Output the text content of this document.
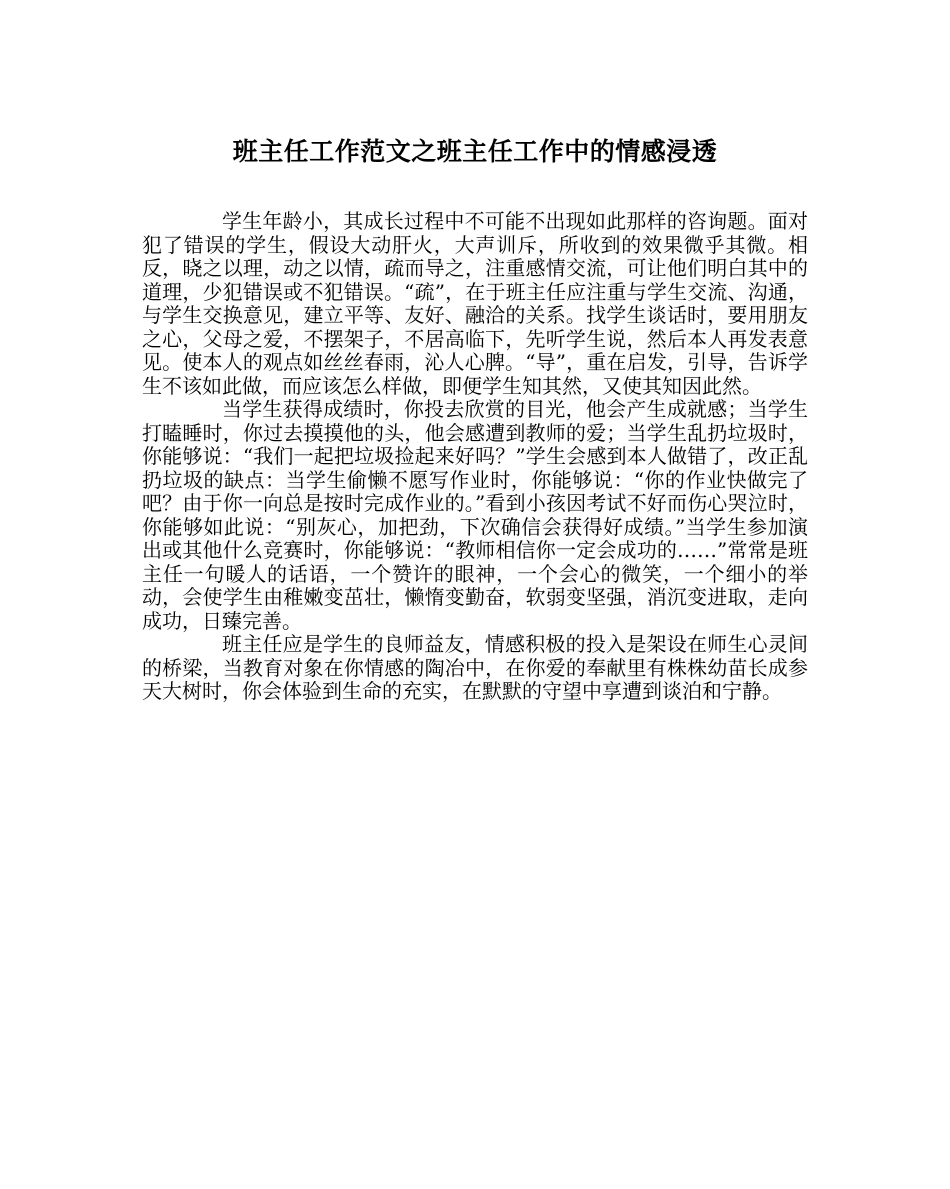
班主任工作范文之班主任工作中的情感浸透

学生年龄小，其成长过程中不可能不出现如此那样的咨询题。面对犯了错误的学生，假设大动肝火，大声训斥，所收到的效果微乎其微。相反，晓之以理，动之以情，疏而导之，注重感情交流，可让他们明白其中的道理，少犯错误或不犯错误。“疏”，在于班主任应注重与学生交流、沟通，与学生交换意见，建立平等、友好、融洽的关系。找学生谈话时，要用朋友之心，父母之爱，不摆架子，不居高临下，先听学生说，然后本人再发表意见。使本人的观点如丝丝春雨，沁人心脾。“导”，重在启发，引导，告诉学生不该如此做，而应该怎么样做，即便学生知其然，又使其知因此然。

当学生获得成绩时，你投去欣赏的目光，他会产生成就感；当学生打瞌睡时，你过去摸摸他的头，他会感遭到教师的爱；当学生乱扔垃圾时，你能够说：“我们一起把垃圾捡起来好吗？”学生会感到本人做错了，改正乱扔垃圾的缺点：当学生偷懒不愿写作业时，你能够说：“你的作业快做完了吧？由于你一向总是按时完成作业的。”看到小孩因考试不好而伤心哭泣时，你能够如此说：“别灰心，加把劲，下次确信会获得好成绩。”当学生参加演出或其他什么竞赛时，你能够说：“教师相信你一定会成功的……”常常是班主任一句暖人的话语，一个赞许的眼神，一个会心的微笑，一个细小的举动，会使学生由稚嫩变茁壮，懒惰变勤奋，软弱变坚强，消沉变进取，走向成功，日臻完善。

班主任应是学生的良师益友，情感积极的投入是架设在师生心灵间的桥梁，当教育对象在你情感的陶冶中，在你爱的奉献里有株株幼苗长成参天大树时，你会体验到生命的充实，在默默的守望中享遭到谈泊和宁静。
